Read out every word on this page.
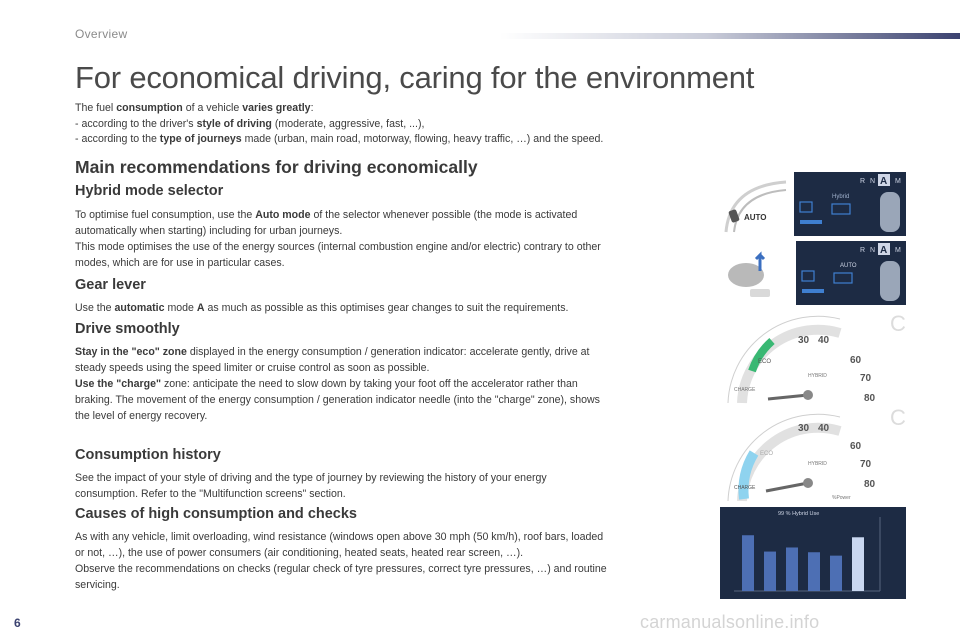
Overview
For economical driving, caring for the environment
The fuel consumption of a vehicle varies greatly:
- according to the driver's style of driving (moderate, aggressive, fast, ...),
- according to the type of journeys made (urban, main road, motorway, flowing, heavy traffic, …) and the speed.
Main recommendations for driving economically
Hybrid mode selector
To optimise fuel consumption, use the Auto mode of the selector whenever possible (the mode is activated
automatically when starting) including for urban journeys.
This mode optimises the use of the energy sources (internal combustion engine and/or electric) contrary to other
modes, which are for use in particular cases.
Gear lever
Use the automatic mode A as much as possible as this optimises gear changes to suit the requirements.
Drive smoothly
Stay in the "eco" zone displayed in the energy consumption / generation indicator: accelerate gently, drive at
steady speeds using the speed limiter or cruise control as soon as possible.
Use the "charge" zone: anticipate the need to slow down by taking your foot off the accelerator rather than
braking. The movement of the energy consumption / generation indicator needle (into the "charge" zone), shows
the level of energy recovery.
Consumption history
See the impact of your style of driving and the type of journey by reviewing the history of your energy
consumption. Refer to the "Multifunction screens" section.
Causes of high consumption and checks
As with any vehicle, limit overloading, wind resistance (windows open above 30 mph (50 km/h), roof bars, loaded
or not, …), the use of power consumers (air conditioning, heated seats, heated rear screen, …).
Observe the recommendations on checks (regular check of tyre pressures, correct tyre pressures, …) and routine
servicing.
AUTO
R N A M
Hybrid
R N A M
AUTO
ECO
CHARGE
30 40
60
70
80
HYBRID
C
ECO
CHARGE
30 40
60
70
80
HYBRID
%Power
C
99 % Hybrid Use
6	carmanualsonline.info
